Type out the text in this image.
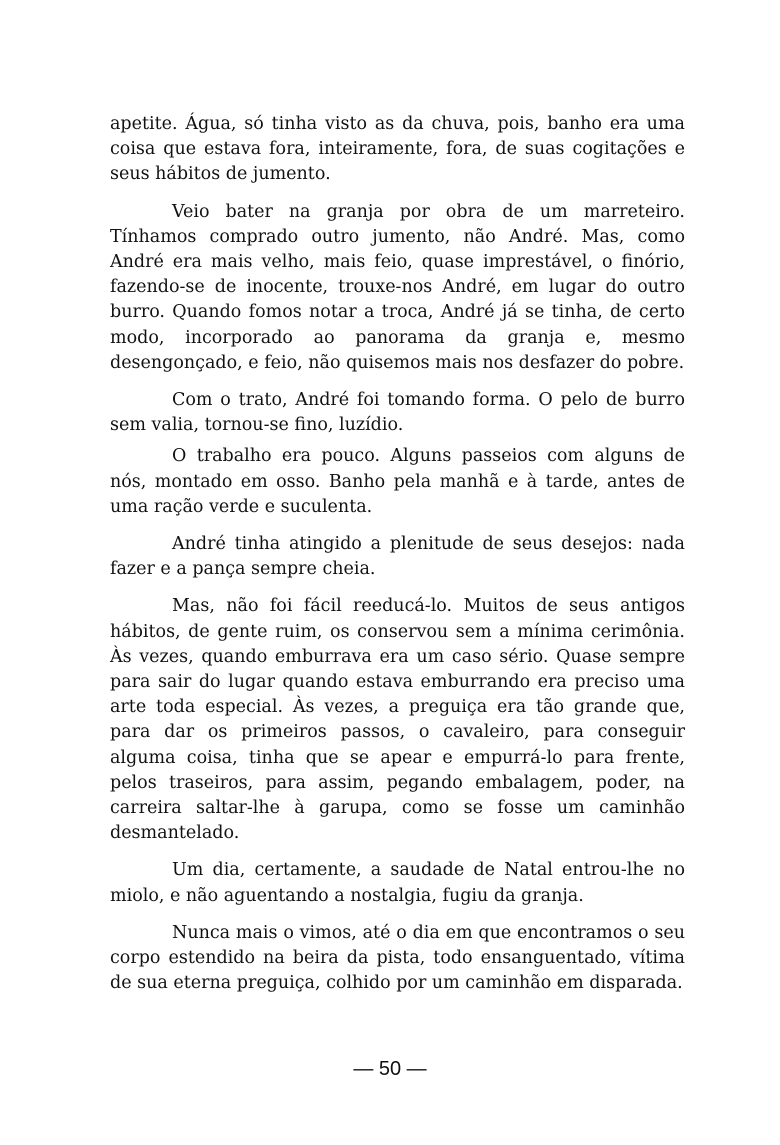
apetite. Água, só tinha visto as da chuva, pois, banho era uma coisa que estava fora, inteiramente, fora, de suas cogitações e seus hábitos de jumento.

Veio bater na granja por obra de um marreteiro. Tínhamos comprado outro jumento, não André. Mas, como André era mais velho, mais feio, quase imprestável, o finório, fazendo-se de inocente, trouxe-nos André, em lugar do outro burro. Quando fomos notar a troca, André já se tinha, de certo modo, incorporado ao panorama da granja e, mesmo desengonçado, e feio, não quisemos mais nos desfazer do pobre.

Com o trato, André foi tomando forma. O pelo de burro sem valia, tornou-se fino, luzídio.

O trabalho era pouco. Alguns passeios com alguns de nós, montado em osso. Banho pela manhã e à tarde, antes de uma ração verde e suculenta.

André tinha atingido a plenitude de seus desejos: nada fazer e a pança sempre cheia.

Mas, não foi fácil reeducá-lo. Muitos de seus antigos hábitos, de gente ruim, os conservou sem a mínima cerimônia. Às vezes, quando emburrava era um caso sério. Quase sempre para sair do lugar quando estava emburrando era preciso uma arte toda especial. Às vezes, a preguiça era tão grande que, para dar os primeiros passos, o cavaleiro, para conseguir alguma coisa, tinha que se apear e empurrá-lo para frente, pelos traseiros, para assim, pegando embalagem, poder, na carreira saltar-lhe à garupa, como se fosse um caminhão desmantelado.

Um dia, certamente, a saudade de Natal entrou-lhe no miolo, e não aguentando a nostalgia, fugiu da granja.

Nunca mais o vimos, até o dia em que encontramos o seu corpo estendido na beira da pista, todo ensanguentado, vítima de sua eterna preguiça, colhido por um caminhão em disparada.

— 50 —
